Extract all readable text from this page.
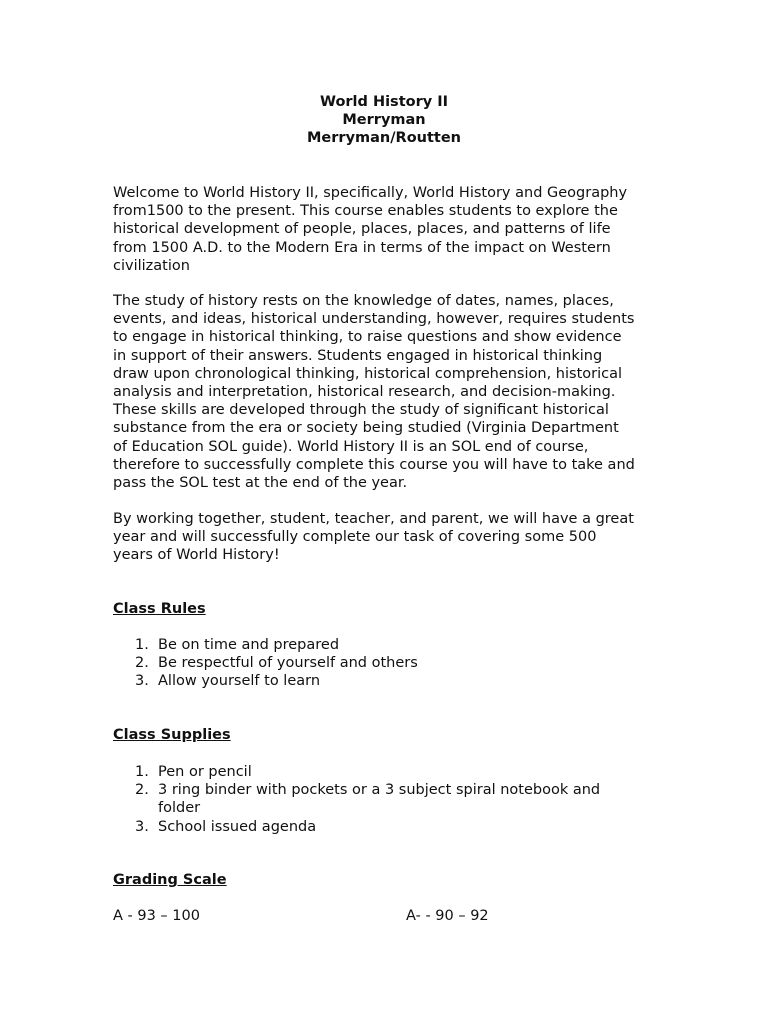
World History II
Merryman
Merryman/Routten

Welcome to World History II, specifically, World History and Geography
from1500 to the present. This course enables students to explore the
historical development of people, places, places, and patterns of life
from 1500 A.D. to the Modern Era in terms of the impact on Western
civilization

The study of history rests on the knowledge of dates, names, places,
events, and ideas, historical understanding, however, requires students
to engage in historical thinking, to raise questions and show evidence
in support of their answers. Students engaged in historical thinking
draw upon chronological thinking, historical comprehension, historical
analysis and interpretation, historical research, and decision-making.
These skills are developed through the study of significant historical
substance from the era or society being studied (Virginia Department
of Education SOL guide). World History II is an SOL end of course,
therefore to successfully complete this course you will have to take and
pass the SOL test at the end of the year.

By working together, student, teacher, and parent, we will have a great
year and will successfully complete our task of covering some 500
years of World History!

Class Rules
1. Be on time and prepared
2. Be respectful of yourself and others
3. Allow yourself to learn
Class Supplies
1. Pen or pencil
2. 3 ring binder with pockets or a 3 subject spiral notebook and
folder
3. School issued agenda
Grading Scale
A - 93 – 100	A- - 90 – 92
